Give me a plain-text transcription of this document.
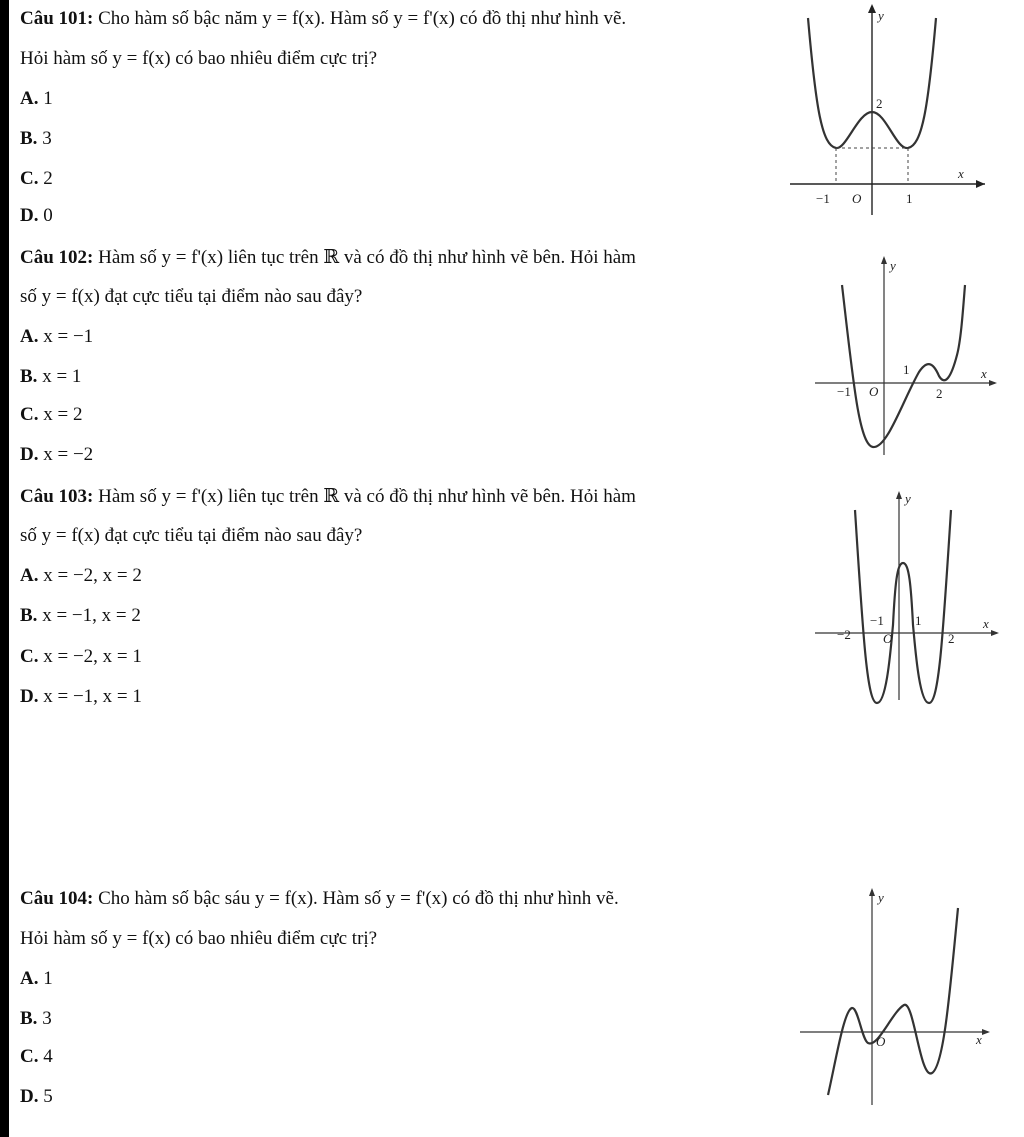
Câu 101: Cho hàm số bậc năm y = f(x). Hàm số y = f'(x) có đồ thị như hình vẽ.
Hỏi hàm số y = f(x) có bao nhiêu điểm cực trị?
A. 1
B. 3
C. 2
D. 0
y
x
2
−1 O	1
Câu 102: Hàm số y = f'(x) liên tục trên ℝ và có đồ thị như hình vẽ bên. Hỏi hàm
số y = f(x) đạt cực tiểu tại điểm nào sau đây?
A. x = −1
B. x = 1
C. x = 2
D. x = −2
y
x
−1 O
1
2
Câu 103: Hàm số y = f'(x) liên tục trên ℝ và có đồ thị như hình vẽ bên. Hỏi hàm
số y = f(x) đạt cực tiểu tại điểm nào sau đây?
A. x = −2, x = 2
B. x = −1, x = 2
C. x = −2, x = 1
D. x = −1, x = 1
y
x
−2
−1
O
1
2
Câu 104: Cho hàm số bậc sáu y = f(x). Hàm số y = f'(x) có đồ thị như hình vẽ.
Hỏi hàm số y = f(x) có bao nhiêu điểm cực trị?
A. 1
B. 3
C. 4
D. 5
y
x
O
